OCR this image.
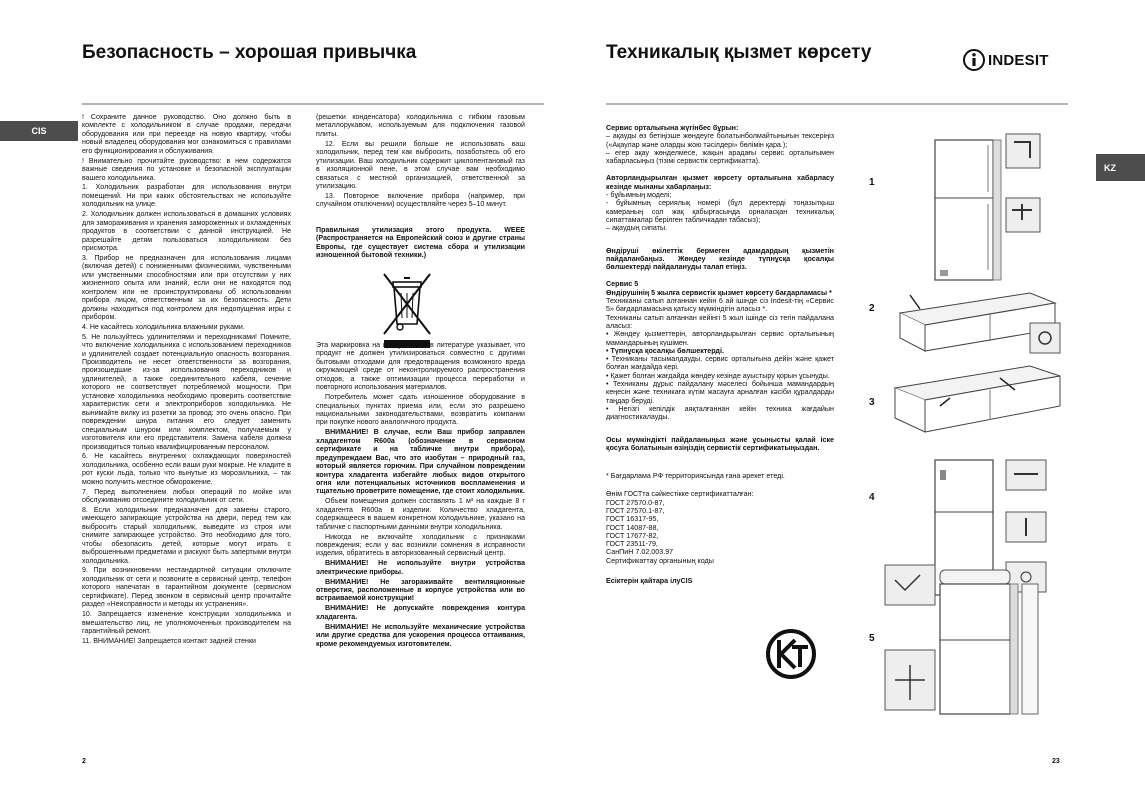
Безопасность – хорошая привычка
CIS

! Сохраните данное руководство. Оно должно быть в комплекте с холодильником в случае продажи, передачи оборудования или при переезде на новую квартиру, чтобы новый владелец оборудования мог ознакомиться с правилами его функционирования и обслуживания.

! Внимательно прочитайте руководство: в нем содержатся важные сведения по установке и безопасной эксплуатации вашего холодильника.

1. Холодильник разработан для использования внутри помещений. Ни при каких обстоятельствах не используйте холодильник на улице.

2. Холодильник должен использоваться в домашних условиях для замораживания и хранения замороженных и охлажденных продуктов в соответствии с данной инструкцией. Не разрешайте детям пользоваться холодильником без присмотра.

3. Прибор не предназначен для использования лицами (включая детей) с пониженными физическими, чувственными или умственными способностями или при отсутствии у них жизненного опыта или знаний, если они не находятся под контролем или не проинструктированы об использовании прибора лицом, ответственным за их безопасность. Дети должны находиться под контролем для недопущения игры с прибором.

4. Не касайтесь холодильника влажными руками.

5. Не пользуйтесь удлинителями и переходниками! Помните, что включение холодильника с использованием переходников и удлинителей создает потенциальную опасность возгорания. Производитель не несет ответственности за возгорания, произошедшие из-за использования переходников и удлинителей, а также соединительного кабеля, сечение которого не соответствует потребляемой мощности. При установке холодильника необходимо проверить соответствие характеристик сети и электроприборов холодильника. Не вынимайте вилку из розетки за провод: это очень опасно. При повреждении шнура питания его следует заменить специальным шнуром или комплектом, получаемым у изготовителя или его представителя. Замена кабеля должна производиться только квалифицированным персоналом.

6. Не касайтесь внутренних охлаждающих поверхностей холодильника, особенно если ваши руки мокрые. Не кладите в рот куски льда, только что вынутые из морозильника, – так можно получить местное обморожение.

7. Перед выполнением любых операций по мойке или обслуживанию отсоедините холодильник от сети.

8. Если холодильник предназначен для замены старого, имеющего запирающие устройства на двери, перед тем как выбросить старый холодильник, выведите из строя или снимите запирающее устройство. Это необходимо для того, чтобы обезопасить детей, которые могут играть с выброшенными предметами и рискуют быть запертыми внутри холодильника.

9. При возникновении нестандартной ситуации отключите холодильник от сети и позвоните в сервисный центр, телефон которого напечатан в гарантийном документе (сервисном сертификате). Перед звонком в сервисный центр прочитайте раздел «Неисправности и методы их устранения».

10. Запрещается изменение конструкции холодильника и вмешательство лиц, не уполномоченных производителем на гарантийный ремонт.

11. ВНИМАНИЕ! Запрещается контакт задней стенки

(решетки конденсатора) холодильника с гибким газовым металлорукавом, используемым для подключения газовой плиты.

12. Если вы решили больше не использовать ваш холодильник, перед тем как выбросить, позаботьтесь об его утилизации. Ваш холодильник содержит циклопентановый газ в изоляционной пене, в этом случае вам необходимо связаться с местной организацией, ответственной за утилизацию.

13. Повторное включение прибора (например, при случайном отключении) осуществляйте через 5–10 минут.

Правильная утилизация этого продукта. WEEE (Распространяется на Европейский союз и другие страны Европы, где существует система сбора и утилизации изношенной бытовой техники.)

Эта маркировка на продукте или в литературе указывает, что продукт не должен утилизироваться совместно с другими бытовыми отходами для предотвращения возможного вреда окружающей среде от неконтролируемого распространения отходов, а также оптимизации процесса переработки и повторного использования материалов.

Потребитель может сдать изношенное оборудование в специальных пунктах приема или, если это разрешено национальными законодательствами, возвратить компании при покупке нового аналогичного продукта.

ВНИМАНИЕ! В случае, если Ваш прибор заправлен хладагентом R600a (обозначение в сервисном сертификате и на табличке внутри прибора), предупреждаем Вас, что это изобутан – природный газ, который является горючим. При случайном повреждении контура хладагента избегайте любых видов открытого огня или потенциальных источников воспламенения и тщательно проветрите помещение, где стоит холодильник.

Объем помещения должен составлять 1 м³ на каждые 8 г хладагента R600a в изделии. Количество хладагента, содержащееся в вашем конкретном холодильнике, указано на табличке с паспортными данными внутри холодильника.

Никогда не включайте холодильник с признаками повреждения; если у вас возникли сомнения в исправности изделия, обратитесь в авторизованный сервисный центр.

ВНИМАНИЕ! Не используйте внутри устройства электрические приборы.

ВНИМАНИЕ! Не загораживайте вентиляционные отверстия, расположенные в корпусе устройства или во встраиваемой конструкции!

ВНИМАНИЕ! Не допускайте повреждения контура хладагента.

ВНИМАНИЕ! Не используйте механические устройства или другие средства для ускорения процесса оттаивания, кроме рекомендуемых изготовителем.

2
Техникалық қызмет көрсету	INDESIT
KZ

Сервис орталығына жүгінбес бұрын:

– ақауды өз бетіңізше жөндеуге болатынболмайтынығын тексеріңіз («Ақаулар және оларды жою тәсілдері» бөлімін қара.);

– егер ақау жөнделмесе, жақын арадағы сервис орталығымен хабарласыңыз (тізімі сервистік сертификатта).

Авторландырылған қызмет көрсету орталығына хабарласу кезінде мынаны хабарлаңыз:

- бұйымның моделі;

- бұйымның сериялық номері (бұл деректерді тоңазытқыш камераның сол жақ қабырғасында орналасқан техникалық сипаттамалар берілген табличкадан табасыз);

– ақаудың сипаты.

Өндіруші өкілеттік бермеген адамдардың қызметін пайдаланбаңыз. Жөндеу кезінде түпнұсқа қосалқы бөлшектерді пайдалануды талап етіңіз.

Сервис 5

Өндірушінің 5 жылға сервистік қызмет көрсету бағдарламасы *

Техниканы сатып алғаннан кейін 6 ай ішінде сіз Indesit-тің «Сервис 5» бағдарламасына қатысу мүмкіндігін аласыз *.

Техниканы сатып алғаннан кейінгі 5 жыл ішінде сіз тегін пайдалана аласыз:

• Жөндеу қызметтерін, авторландырылған сервис орталығының мамандарының күшімен.

• Түпнұсқа қосалқы бөлшектерді.

• Техниканы тасымалдауды, сервис орталығына дейін және қажет болған жағдайда кері.

• Қажет болған жағдайда жөндеу кезінде ауыстыру қорын ұсынуды.

• Техниканы дұрыс пайдалану мәселесі бойынша мамандардың кеңесін және техникаға күтім жасауға арналған кәсіби құралдарды таңдар беруді.

• Негізгі кепілдік аяқталғаннан кейін техника жағдайын диагностикалауды.

Осы мүмкіндікті пайдаланыңыз және ұсынысты қалай іске қосуға болатынын өзіңіздің сервистік сертификатыңыздан.

* Бағдарлама РФ территориясында ғана әрекет етеді.

Өнім ГОСТта сәйкестікке сертификатталған:

ГОСТ 27570.0-87,

ГОСТ 27570.1-87,

ГОСТ 16317-95,

ГОСТ 14087-88,

ГОСТ 17677-82,

ГОСТ 23511-79,

СанПиН 7.02.003.97

Сертификаттау органының коды

Есіктерін қайтара ілуCIS

КТ
1
2
3
4
5
23
